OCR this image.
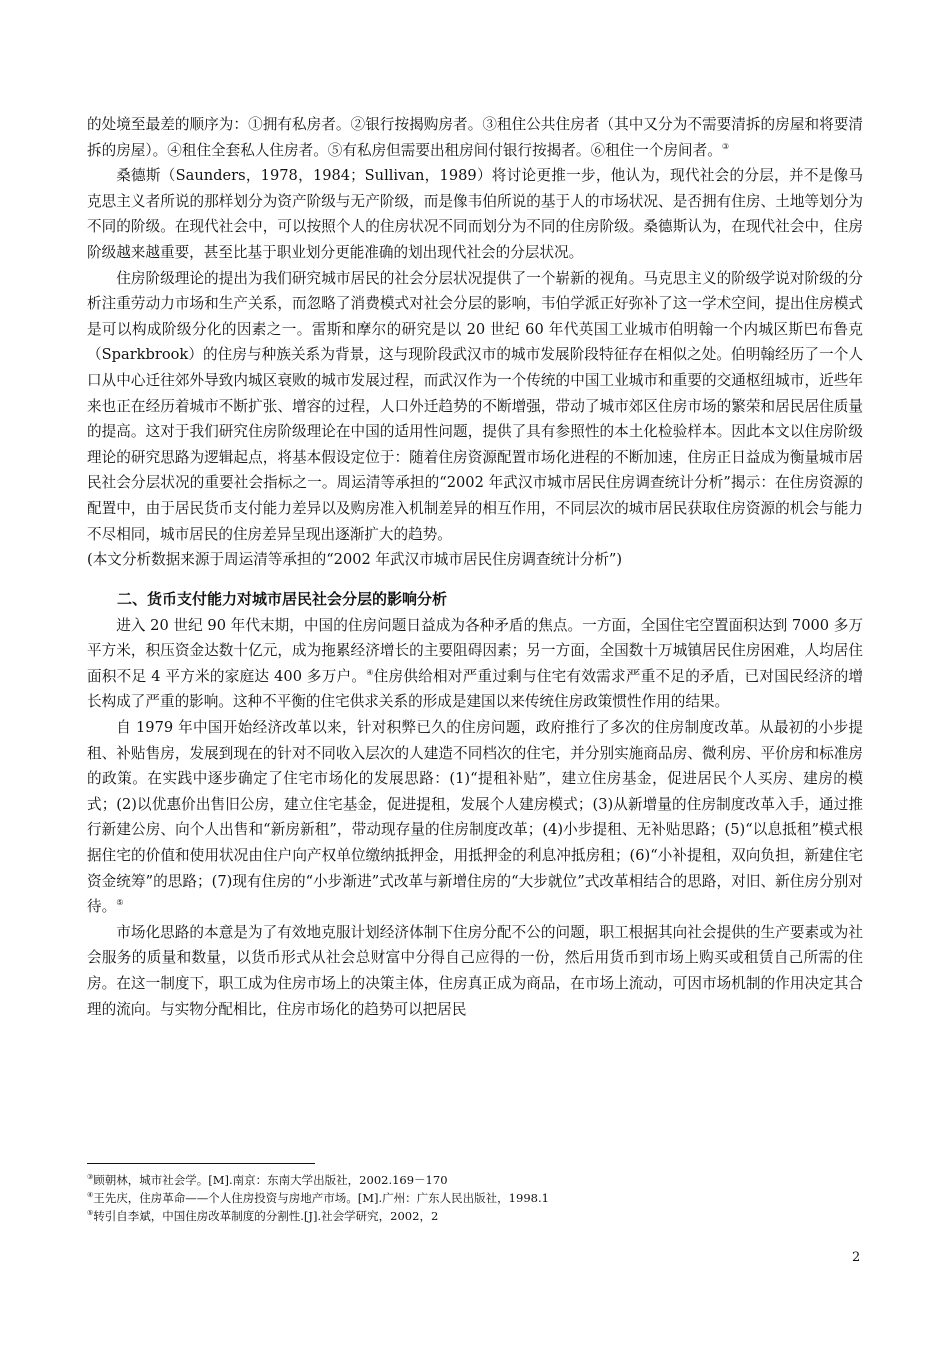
的处境至最差的顺序为：①拥有私房者。②银行按揭购房者。③租住公共住房者（其中又分为不需要清拆的房屋和将要清拆的房屋）。④租住全套私人住房者。⑤有私房但需要出租房间付银行按揭者。⑥租住一个房间者。③

桑德斯（Saunders，1978，1984；Sullivan，1989）将讨论更推一步，他认为，现代社会的分层，并不是像马克思主义者所说的那样划分为资产阶级与无产阶级，而是像韦伯所说的基于人的市场状况、是否拥有住房、土地等划分为不同的阶级。在现代社会中，可以按照个人的住房状况不同而划分为不同的住房阶级。桑德斯认为，在现代社会中，住房阶级越来越重要，甚至比基于职业划分更能准确的划出现代社会的分层状况。

住房阶级理论的提出为我们研究城市居民的社会分层状况提供了一个崭新的视角。马克思主义的阶级学说对阶级的分析注重劳动力市场和生产关系，而忽略了消费模式对社会分层的影响，韦伯学派正好弥补了这一学术空间，提出住房模式是可以构成阶级分化的因素之一。雷斯和摩尔的研究是以 20 世纪 60 年代英国工业城市伯明翰一个内城区斯巴布鲁克（Sparkbrook）的住房与种族关系为背景，这与现阶段武汉市的城市发展阶段特征存在相似之处。伯明翰经历了一个人口从中心迁往郊外导致内城区衰败的城市发展过程，而武汉作为一个传统的中国工业城市和重要的交通枢纽城市，近些年来也正在经历着城市不断扩张、增容的过程，人口外迁趋势的不断增强，带动了城市郊区住房市场的繁荣和居民居住质量的提高。这对于我们研究住房阶级理论在中国的适用性问题，提供了具有参照性的本土化检验样本。因此本文以住房阶级理论的研究思路为逻辑起点，将基本假设定位于：随着住房资源配置市场化进程的不断加速，住房正日益成为衡量城市居民社会分层状况的重要社会指标之一。周运清等承担的“2002 年武汉市城市居民住房调查统计分析”揭示：在住房资源的配置中，由于居民货币支付能力差异以及购房准入机制差异的相互作用，不同层次的城市居民获取住房资源的机会与能力不尽相同，城市居民的住房差异呈现出逐渐扩大的趋势。

(本文分析数据来源于周运清等承担的“2002 年武汉市城市居民住房调查统计分析”)

二、货币支付能力对城市居民社会分层的影响分析

进入 20 世纪 90 年代末期，中国的住房问题日益成为各种矛盾的焦点。一方面，全国住宅空置面积达到 7000 多万平方米，积压资金达数十亿元，成为拖累经济增长的主要阻碍因素；另一方面，全国数十万城镇居民住房困难，人均居住面积不足 4 平方米的家庭达 400 多万户。④住房供给相对严重过剩与住宅有效需求严重不足的矛盾，已对国民经济的增长构成了严重的影响。这种不平衡的住宅供求关系的形成是建国以来传统住房政策惯性作用的结果。

自 1979 年中国开始经济改革以来，针对积弊已久的住房问题，政府推行了多次的住房制度改革。从最初的小步提租、补贴售房，发展到现在的针对不同收入层次的人建造不同档次的住宅，并分别实施商品房、微利房、平价房和标准房的政策。在实践中逐步确定了住宅市场化的发展思路：(1)“提租补贴”，建立住房基金，促进居民个人买房、建房的模式；(2)以优惠价出售旧公房，建立住宅基金，促进提租，发展个人建房模式；(3)从新增量的住房制度改革入手，通过推行新建公房、向个人出售和“新房新租”，带动现存量的住房制度改革；(4)小步提租、无补贴思路；(5)“以息抵租”模式根据住宅的价值和使用状况由住户向产权单位缴纳抵押金，用抵押金的利息冲抵房租；(6)“小补提租，双向负担，新建住宅资金统筹”的思路；(7)现有住房的“小步渐进”式改革与新增住房的“大步就位”式改革相结合的思路，对旧、新住房分别对待。⑤

市场化思路的本意是为了有效地克服计划经济体制下住房分配不公的问题，职工根据其向社会提供的生产要素或为社会服务的质量和数量，以货币形式从社会总财富中分得自己应得的一份，然后用货币到市场上购买或租赁自己所需的住房。在这一制度下，职工成为住房市场上的决策主体，住房真正成为商品，在市场上流动，可因市场机制的作用决定其合理的流向。与实物分配相比，住房市场化的趋势可以把居民

③顾朝林，城市社会学。[M].南京：东南大学出版社，2002.169－170
④王先庆，住房革命——个人住房投资与房地产市场。[M].广州：广东人民出版社，1998.1
⑤转引自李斌，中国住房改革制度的分割性.[J].社会学研究，2002，2
2
